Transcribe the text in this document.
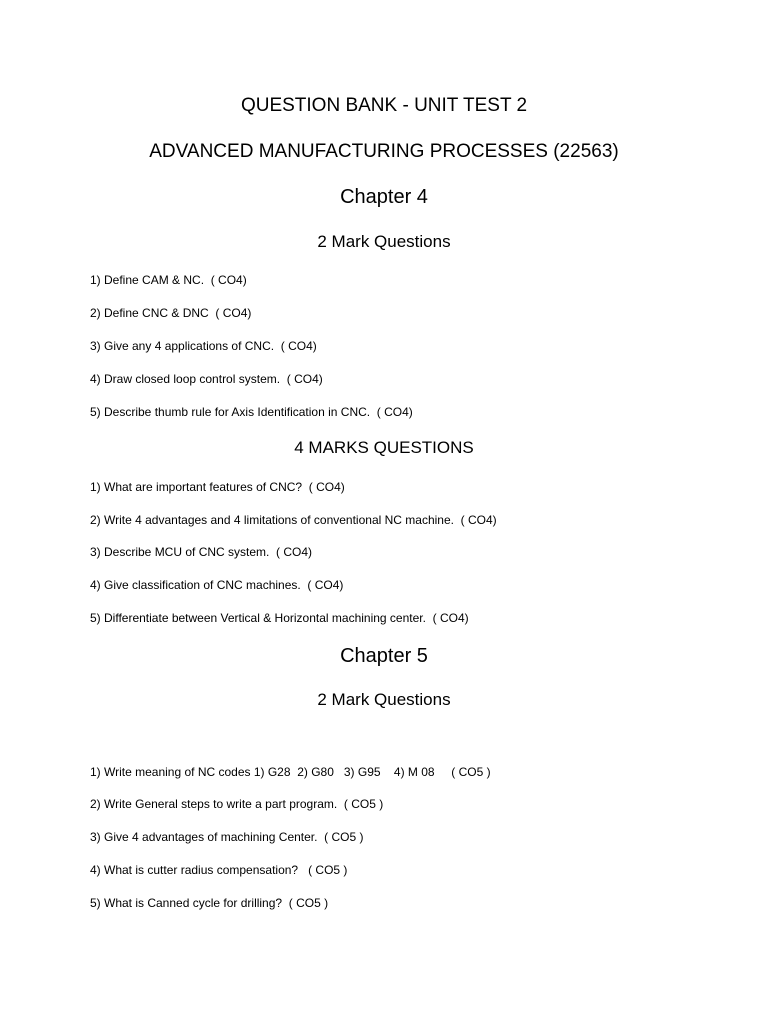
QUESTION BANK - UNIT TEST 2
ADVANCED MANUFACTURING PROCESSES (22563)
Chapter 4
2 Mark Questions
1) Define CAM & NC.  ( CO4)
2) Define CNC & DNC  ( CO4)
3) Give any 4 applications of CNC.  ( CO4)
4) Draw closed loop control system.  ( CO4)
5) Describe thumb rule for Axis Identification in CNC.  ( CO4)
4 MARKS QUESTIONS
1) What are important features of CNC?  ( CO4)
2) Write 4 advantages and 4 limitations of conventional NC machine.  ( CO4)
3) Describe MCU of CNC system.  ( CO4)
4) Give classification of CNC machines.  ( CO4)
5) Differentiate between Vertical & Horizontal machining center.  ( CO4)
Chapter 5
2 Mark Questions
1) Write meaning of NC codes 1) G28  2) G80   3) G95    4) M 08     ( CO5 )
2) Write General steps to write a part program.  ( CO5 )
3) Give 4 advantages of machining Center.  ( CO5 )
4) What is cutter radius compensation?   ( CO5 )
5) What is Canned cycle for drilling?  ( CO5 )
